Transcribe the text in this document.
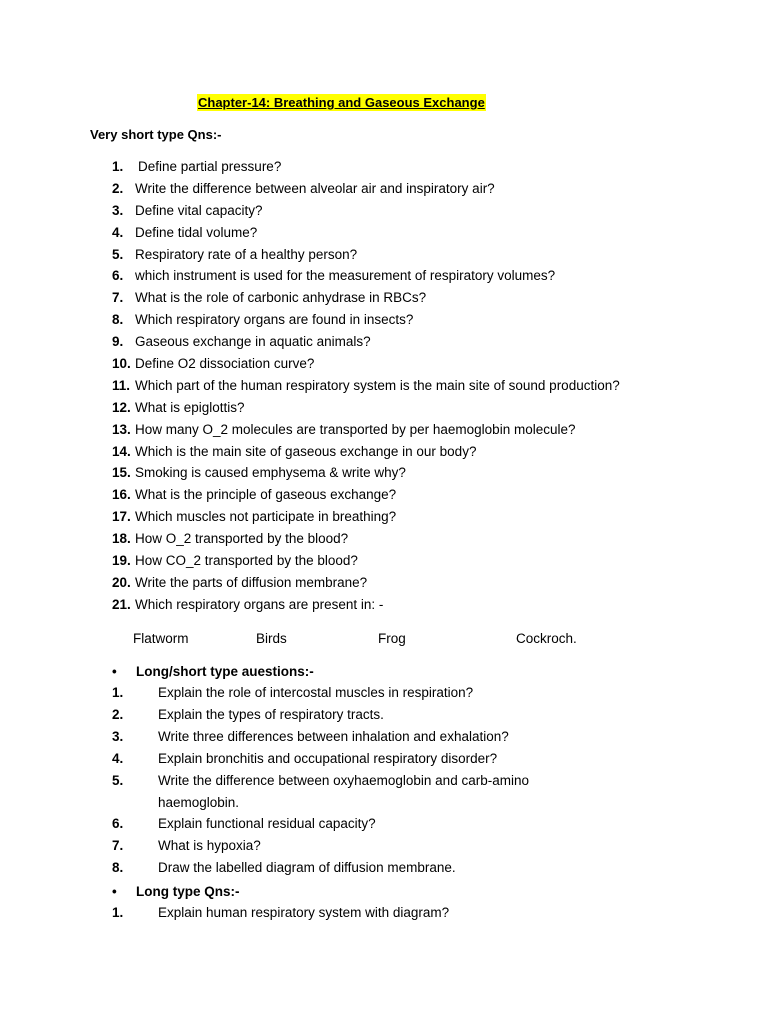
Chapter-14: Breathing and Gaseous Exchange
Very short type Qns:-
1.	Define partial pressure?
2. Write the difference between alveolar air and inspiratory air?
3. Define vital capacity?
4. Define tidal volume?
5. Respiratory rate of a healthy person?
6. which instrument is used for the measurement of respiratory volumes?
7. What is the role of carbonic anhydrase in RBCs?
8. Which respiratory organs are found in insects?
9. Gaseous exchange in aquatic animals?
10. Define O2 dissociation curve?
11. Which part of the human respiratory system is the main site of sound production?
12. What is epiglottis?
13. How many O_2 molecules are transported by per haemoglobin molecule?
14. Which is the main site of gaseous exchange in our body?
15. Smoking is caused emphysema & write why?
16. What is the principle of gaseous exchange?
17. Which muscles not participate in breathing?
18. How O_2 transported by the blood?
19. How CO_2 transported by the blood?
20. Write the parts of diffusion membrane?
21. Which respiratory organs are present in: -
Flatworm	Birds	Frog	Cockroch.
• Long/short type auestions:-
1.	Explain the role of intercostal muscles in respiration?
2.	Explain the types of respiratory tracts.
3.	Write three differences between inhalation and exhalation?
4.	Explain bronchitis and occupational respiratory disorder?
5.	Write the difference between oxyhaemoglobin and carb-amino haemoglobin.
6.	Explain functional residual capacity?
7.	What is hypoxia?
8.	Draw the labelled diagram of diffusion membrane.
• Long type Qns:-
1.	Explain human respiratory system with diagram?
